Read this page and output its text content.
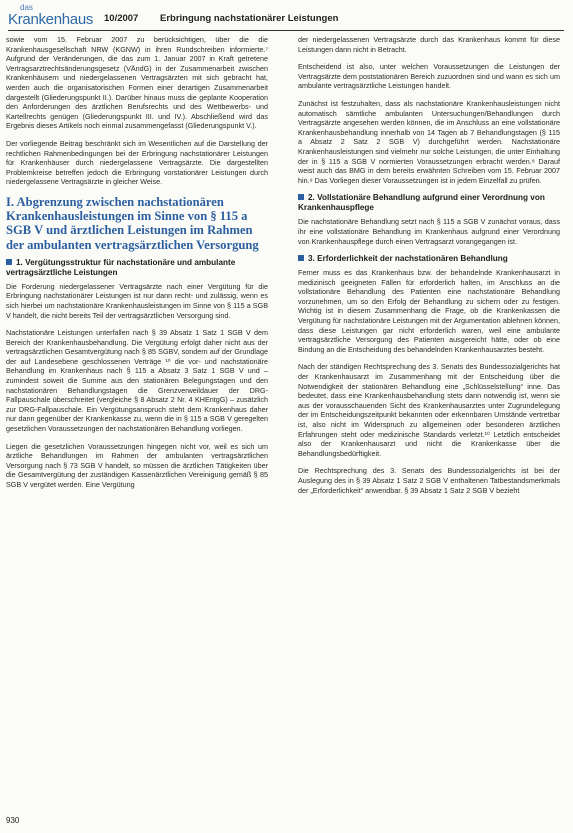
das
Krankenhaus 10/2007 Erbringung nachstationärer Leistungen

sowie vom 15. Februar 2007 zu berücksichtigen, über die die Krankenhausgesellschaft NRW (KGNW) in ihren Rundschreiben informierte.⁷ Aufgrund der Veränderungen, die das zum 1. Januar 2007 in Kraft getretene Vertragsarztrechtsänderungsgesetz (VÄndG) in der Zusammenarbeit zwischen Krankenhäusern und niedergelassenen Vertragsärzten mit sich gebracht hat, werden auch die organisatorischen Formen einer derartigen Zusammenarbeit dargestellt (Gliederungspunkt II.). Darüber hinaus muss die geplante Kooperation den Anforderungen des ärztlichen Berufsrechts und des Wettbewerbs- und Kartellrechts genügen (Gliederungspunkt III. und IV.). Abschließend wird das Ergebnis dieses Artikels noch einmal zusammengefasst (Gliederungspunkt V.).

Der vorliegende Beitrag beschränkt sich im Wesentlichen auf die Darstellung der rechtlichen Rahmenbedingungen bei der Erbringung nachstationärer Leistungen für Krankenhäuser durch niedergelassene Vertragsärzte. Die dargestellten Problemkreise betreffen jedoch die Erbringung vorstationärer Leistungen durch niedergelassene Vertragsärzte in gleicher Weise.

I. Abgrenzung zwischen nachstationären Krankenhausleistungen im Sinne von § 115 a SGB V und ärztlichen Leistungen im Rahmen der ambulanten vertragsärztlichen Versorgung
1. Vergütungsstruktur für nachstationäre und ambulante vertragsärztliche Leistungen

Die Forderung niedergelassener Vertragsärzte nach einer Vergütung für die Erbringung nachstationärer Leistungen ist nur dann recht- und zulässig, wenn es sich hierbei um nachstationäre Krankenhausleistungen im Sinne von § 115 a SGB V handelt, die nicht bereits Teil der vertragsärztlichen Versorgung sind.

Nachstationäre Leistungen unterfallen nach § 39 Absatz 1 Satz 1 SGB V dem Bereich der Krankenhausbehandlung. Die Vergütung erfolgt daher nicht aus der vertragsärztlichen Gesamtvergütung nach § 85 SGBV, sondern auf der Grundlage der auf Landesebene geschlossenen Verträge ¹⁰ die vor- und nachstationäre Behandlung im Krankenhaus nach § 115 a Absatz 3 Satz 1 SGB V und – zumindest soweit die Summe aus den stationären Belegungstagen und den nachstationären Behandlungstagen die Grenzverweildauer der DRG-Fallpauschale überschreitet (vergleiche § 8 Absatz 2 Nr. 4 KHEntgG) – zusätzlich zur DRG-Fallpauschale. Ein Vergütungsanspruch steht dem Krankenhaus daher nur dann gegenüber der Krankenkasse zu, wenn die in § 115 a SGB V geregelten gesetzlichen Voraussetzungen der nachstationären Behandlung vorliegen.

Liegen die gesetzlichen Voraussetzungen hingegen nicht vor, weil es sich um ärztliche Behandlungen im Rahmen der ambulanten vertragsärztlichen Versorgung nach § 73 SGB V handelt, so müssen die ärztlichen Tätigkeiten über die Gesamtvergütung der zuständigen Kassenärztlichen Vereinigung gemäß § 85 SGB V vergütet werden. Eine Vergütung

der niedergelassenen Vertragsärzte durch das Krankenhaus kommt für diese Leistungen dann nicht in Betracht.

Entscheidend ist also, unter welchen Voraussetzungen die Leistungen der Vertragsärzte dem poststationären Bereich zuzuordnen sind und wann es sich um ambulante vertragsärztliche Leistungen handelt.

Zunächst ist festzuhalten, dass als nachstationäre Krankenhausleistungen nicht automatisch sämtliche ambulanten Untersuchungen/Behandlungen durch Vertragsärzte angesehen werden können, die im Anschluss an eine vollstationäre Krankenhausbehandlung innerhalb von 14 Tagen ab 7 Behandlungstagen (§ 115 a Absatz 2 Satz 2 SGB V) durchgeführt werden. Nachstationäre Krankenhausleistungen sind vielmehr nur solche Leistungen, die unter Einhaltung der in § 115 a SGB V normierten Voraussetzungen erbracht werden.⁸ Darauf weist auch das BMG in dem bereits erwähnten Schreiben vom 15. Februar 2007 hin.⁹ Das Vorliegen dieser Voraussetzungen ist in jedem Einzelfall zu prüfen.

2. Vollstationäre Behandlung aufgrund einer Verordnung von Krankenhauspflege

Die nachstationäre Behandlung setzt nach § 115 a SGB V zunächst voraus, dass ihr eine vollstationäre Behandlung im Krankenhaus aufgrund einer Verordnung von Krankenhauspflege durch einen Vertragsarzt vorangegangen ist.

3. Erforderlichkeit der nachstationären Behandlung

Ferner muss es das Krankenhaus bzw. der behandelnde Krankenhausarzt in medizinisch geeigneten Fällen für erforderlich halten, im Anschluss an die vollstationäre Behandlung des Patienten eine nachstationäre Behandlung vorzunehmen, um so den Erfolg der Behandlung zu sichern oder zu festigen. Wichtig ist in diesem Zusammenhang die Frage, ob die Krankenkassen die Vergütung für nachstationäre Leistungen mit der Argumentation ablehnen können, dass diese Leistungen gar nicht erforderlich waren, weil eine ambulante vertragsärztliche Versorgung des Patienten ausgereicht hätte, oder ob eine Bindung an die Entscheidung des behandelnden Krankenhausarztes besteht.

Nach der ständigen Rechtsprechung des 3. Senats des Bundessozialgerichts hat der Krankenhausarzt im Zusammenhang mit der Entscheidung über die Notwendigkeit der stationären Behandlung eine „Schlüsselstellung“ inne. Das bedeutet, dass eine Krankenhausbehandlung stets dann notwendig ist, wenn sie aus der vorausschauenden Sicht des Krankenhausarztes unter Zugrundelegung der im Entscheidungszeitpunkt bekannten oder erkennbaren Umstände vertretbar ist, also nicht im Widerspruch zu allgemeinen oder besonderen ärztlichen Erfahrungen steht oder medizinische Standards verletzt.¹⁰ Letztlich entscheidet also der Krankenhausarzt und nicht die Krankenkasse über die Behandlungsbedürftigkeit.

Die Rechtsprechung des 3. Senats des Bundessozialgerichts ist bei der Auslegung des in § 39 Absatz 1 Satz 2 SGB V enthaltenen Tatbestandsmerkmals der „Erforderlichkeit“ anwendbar. § 39 Absatz 1 Satz 2 SGB V bezieht

930
